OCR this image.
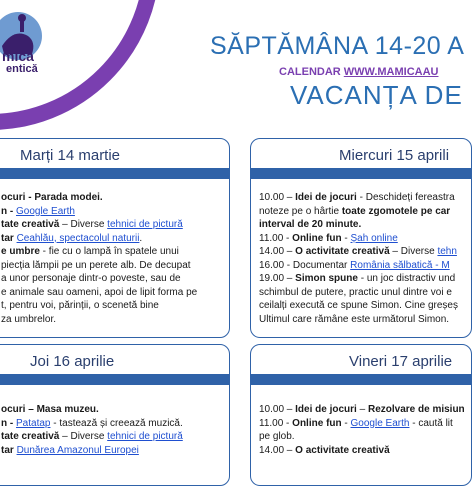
mica
entică
SĂPTĂMÂNA 14-20 A
CALENDAR WWW.MAMICAAU
VACANȚA DE
Marți 14 martie
ocuri - Parada modei.
n - Google Earth
tate creativă – Diverse tehnici de pictură
tar Ceahlău, spectacolul naturii.
e umbre - fie cu o lampă în spatele unui
piecția lămpii pe un perete alb. De decupat
a unor personaje dintr-o poveste, sau de
e animale sau oameni, apoi de lipit forma pe
t, pentru voi, părinții, o scenetă bine
za umbrelor.
Miercuri 15 aprili
10.00 – Idei de jocuri - Deschideți fereastra
noteze pe o hârtie toate zgomotele pe car
interval de 20 minute.
11.00 - Online fun - Șah online
14.00 – O activitate creativă – Diverse tehn
16.00 - Documentar România sălbatică - M
19.00 – Simon spune - un joc distractiv und
schimbul de putere, practic unul dintre voi e
ceilalți execută ce spune Simon. Cine greșeș
Ultimul care rămâne este următorul Simon.
Joi 16 aprilie
ocuri – Masa muzeu.
n - Patatap - tastează și creează muzică.
tate creativă – Diverse tehnici de pictură
tar Dunărea Amazonul Europei
Vineri 17 aprilie
10.00 – Idei de jocuri – Rezolvare de misiun
11.00 - Online fun - Google Earth - caută lit
pe glob.
14.00 – O activitate creativă
